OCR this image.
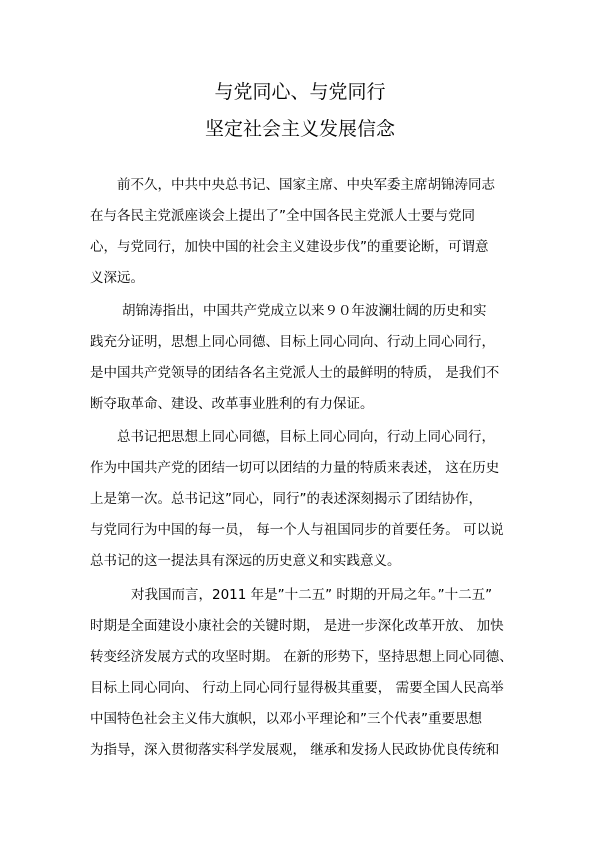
与党同心、与党同行
坚定社会主义发展信念

前不久，中共中央总书记、国家主席、中央军委主席胡锦涛同志

在与各民主党派座谈会上提出了”全中国各民主党派人士要与党同

心，与党同行，加快中国的社会主义建设步伐”的重要论断，可谓意

义深远。

胡锦涛指出，中国共产党成立以来９０年波澜壮阔的历史和实

践充分证明，思想上同心同德、目标上同心同向、行动上同心同行，

是中国共产党领导的团结各名主党派人士的最鲜明的特质， 是我们不

断夺取革命、建设、改革事业胜利的有力保证。

总书记把思想上同心同德，目标上同心同向，行动上同心同行，

作为中国共产党的团结一切可以团结的力量的特质来表述， 这在历史

上是第一次。总书记这”同心，同行”的表述深刻揭示了团结协作，

与党同行为中国的每一员， 每一个人与祖国同步的首要任务。 可以说

总书记的这一提法具有深远的历史意义和实践意义。

对我国而言，2011 年是”十二五” 时期的开局之年。”十二五”

时期是全面建设小康社会的关键时期， 是进一步深化改革开放、 加快

转变经济发展方式的攻坚时期。 在新的形势下，坚持思想上同心同德、

目标上同心同向、 行动上同心同行显得极其重要， 需要全国人民高举

中国特色社会主义伟大旗帜，以邓小平理论和”三个代表”重要思想

为指导，深入贯彻落实科学发展观， 继承和发扬人民政协优良传统和
